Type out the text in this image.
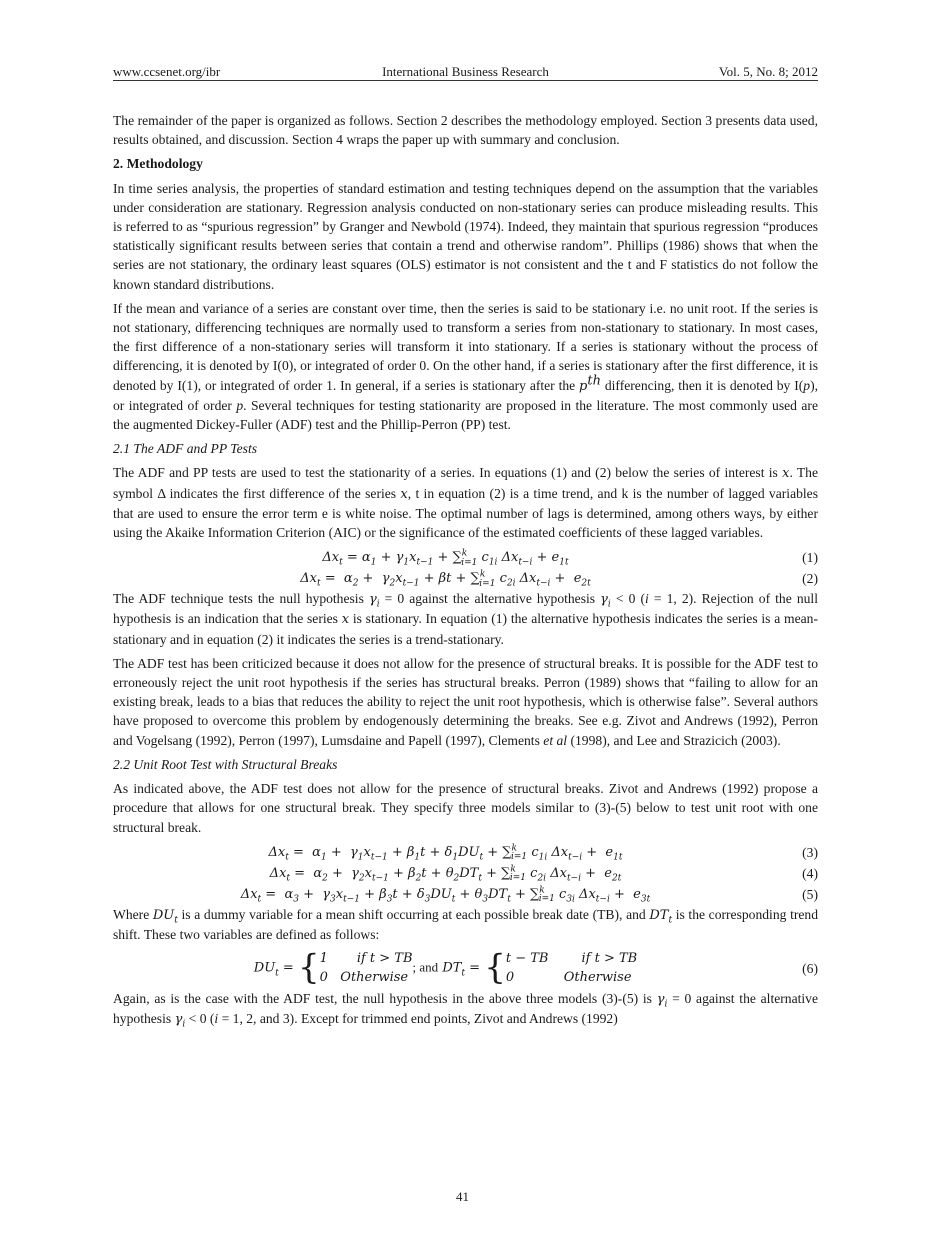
www.ccsenet.org/ibr	International Business Research	Vol. 5, No. 8; 2012

The remainder of the paper is organized as follows. Section 2 describes the methodology employed. Section 3 presents data used, results obtained, and discussion. Section 4 wraps the paper up with summary and conclusion.

2. Methodology

In time series analysis, the properties of standard estimation and testing techniques depend on the assumption that the variables under consideration are stationary. Regression analysis conducted on non-stationary series can produce misleading results. This is referred to as “spurious regression” by Granger and Newbold (1974). Indeed, they maintain that spurious regression “produces statistically significant results between series that contain a trend and otherwise random”. Phillips (1986) shows that when the series are not stationary, the ordinary least squares (OLS) estimator is not consistent and the t and F statistics do not follow the known standard distributions.

If the mean and variance of a series are constant over time, then the series is said to be stationary i.e. no unit root. If the series is not stationary, differencing techniques are normally used to transform a series from non-stationary to stationary. In most cases, the first difference of a non-stationary series will transform it into stationary. If a series is stationary without the process of differencing, it is denoted by I(0), or integrated of order 0. On the other hand, if a series is stationary after the first difference, it is denoted by I(1), or integrated of order 1. In general, if a series is stationary after the $p^{th}$ differencing, then it is denoted by I(p), or integrated of order p. Several techniques for testing stationarity are proposed in the literature. The most commonly used are the augmented Dickey-Fuller (ADF) test and the Phillip-Perron (PP) test.

2.1 The ADF and PP Tests

The ADF and PP tests are used to test the stationarity of a series. In equations (1) and (2) below the series of interest is x. The symbol Δ indicates the first difference of the series x, t in equation (2) is a time trend, and k is the number of lagged variables that are used to ensure the error term e is white noise. The optimal number of lags is determined, among others ways, by either using the Akaike Information Criterion (AIC) or the significance of the estimated coefficients of these lagged variables.

$\Delta x_t = \alpha_1 + \gamma_1x_{t-1} + \sum^k_{i=1}$ $c_{1i}$ $\Delta x_{t-i} + e_{1t}$	(1)
$\Delta x_t = \alpha_2 + \gamma_2x_{t-1} + \beta t + \sum^k_{i=1}$ $c_{2i}$ $\Delta x_{t-i} + e_{2t}$	(2)

The ADF technique tests the null hypothesis $\gamma_i = 0$ against the alternative hypothesis $\gamma_i < 0$ (i = 1, 2). Rejection of the null hypothesis is an indication that the series x is stationary. In equation (1) the alternative hypothesis indicates the series is a mean-stationary and in equation (2) it indicates the series is a trend-stationary.

The ADF test has been criticized because it does not allow for the presence of structural breaks. It is possible for the ADF test to erroneously reject the unit root hypothesis if the series has structural breaks. Perron (1989) shows that “failing to allow for an existing break, leads to a bias that reduces the ability to reject the unit root hypothesis, which is otherwise false”. Several authors have proposed to overcome this problem by endogenously determining the breaks. See e.g. Zivot and Andrews (1992), Perron and Vogelsang (1992), Perron (1997), Lumsdaine and Papell (1997), Clements et al (1998), and Lee and Strazicich (2003).

2.2 Unit Root Test with Structural Breaks

As indicated above, the ADF test does not allow for the presence of structural breaks. Zivot and Andrews (1992) propose a procedure that allows for one structural break. They specify three models similar to (3)-(5) below to test unit root with one structural break.

$\Delta x_t = \alpha_1 + \gamma_1x_{t-1} + \beta_1t + \delta_1DU_t + \sum^k_{i=1}$ $c_{1i}$ $\Delta x_{t-i} + e_{1t}$	(3)
$\Delta x_t = \alpha_2 + \gamma_2x_{t-1} + \beta_2t + \theta_2DT_t + \sum^k_{i=1}$ $c_{2i}$ $\Delta x_{t-i} + e_{2t}$	(4)
$\Delta x_t = \alpha_3 + \gamma_3x_{t-1} + \beta_3t + \delta_3DU_t + \theta_3DT_t + \sum^k_{i=1}$ $c_{3i}$ $\Delta x_{t-i} + e_{3t}$	(5)

Where $DU_t$ is a dummy variable for a mean shift occurring at each possible break date (TB), and $DT_t$ is the corresponding trend shift. These two variables are defined as follows:

$DU_t = \{1$ if t > TB
0 Otherwise; and $DT_t = \{t$ − TB	if t > TB
0	Otherwise
(6)

Again, as is the case with the ADF test, the null hypothesis in the above three models (3)-(5) is $\gamma_i = 0$ against the alternative hypothesis $\gamma_i < 0$ (i = 1, 2, and 3). Except for trimmed end points, Zivot and Andrews (1992)

41
